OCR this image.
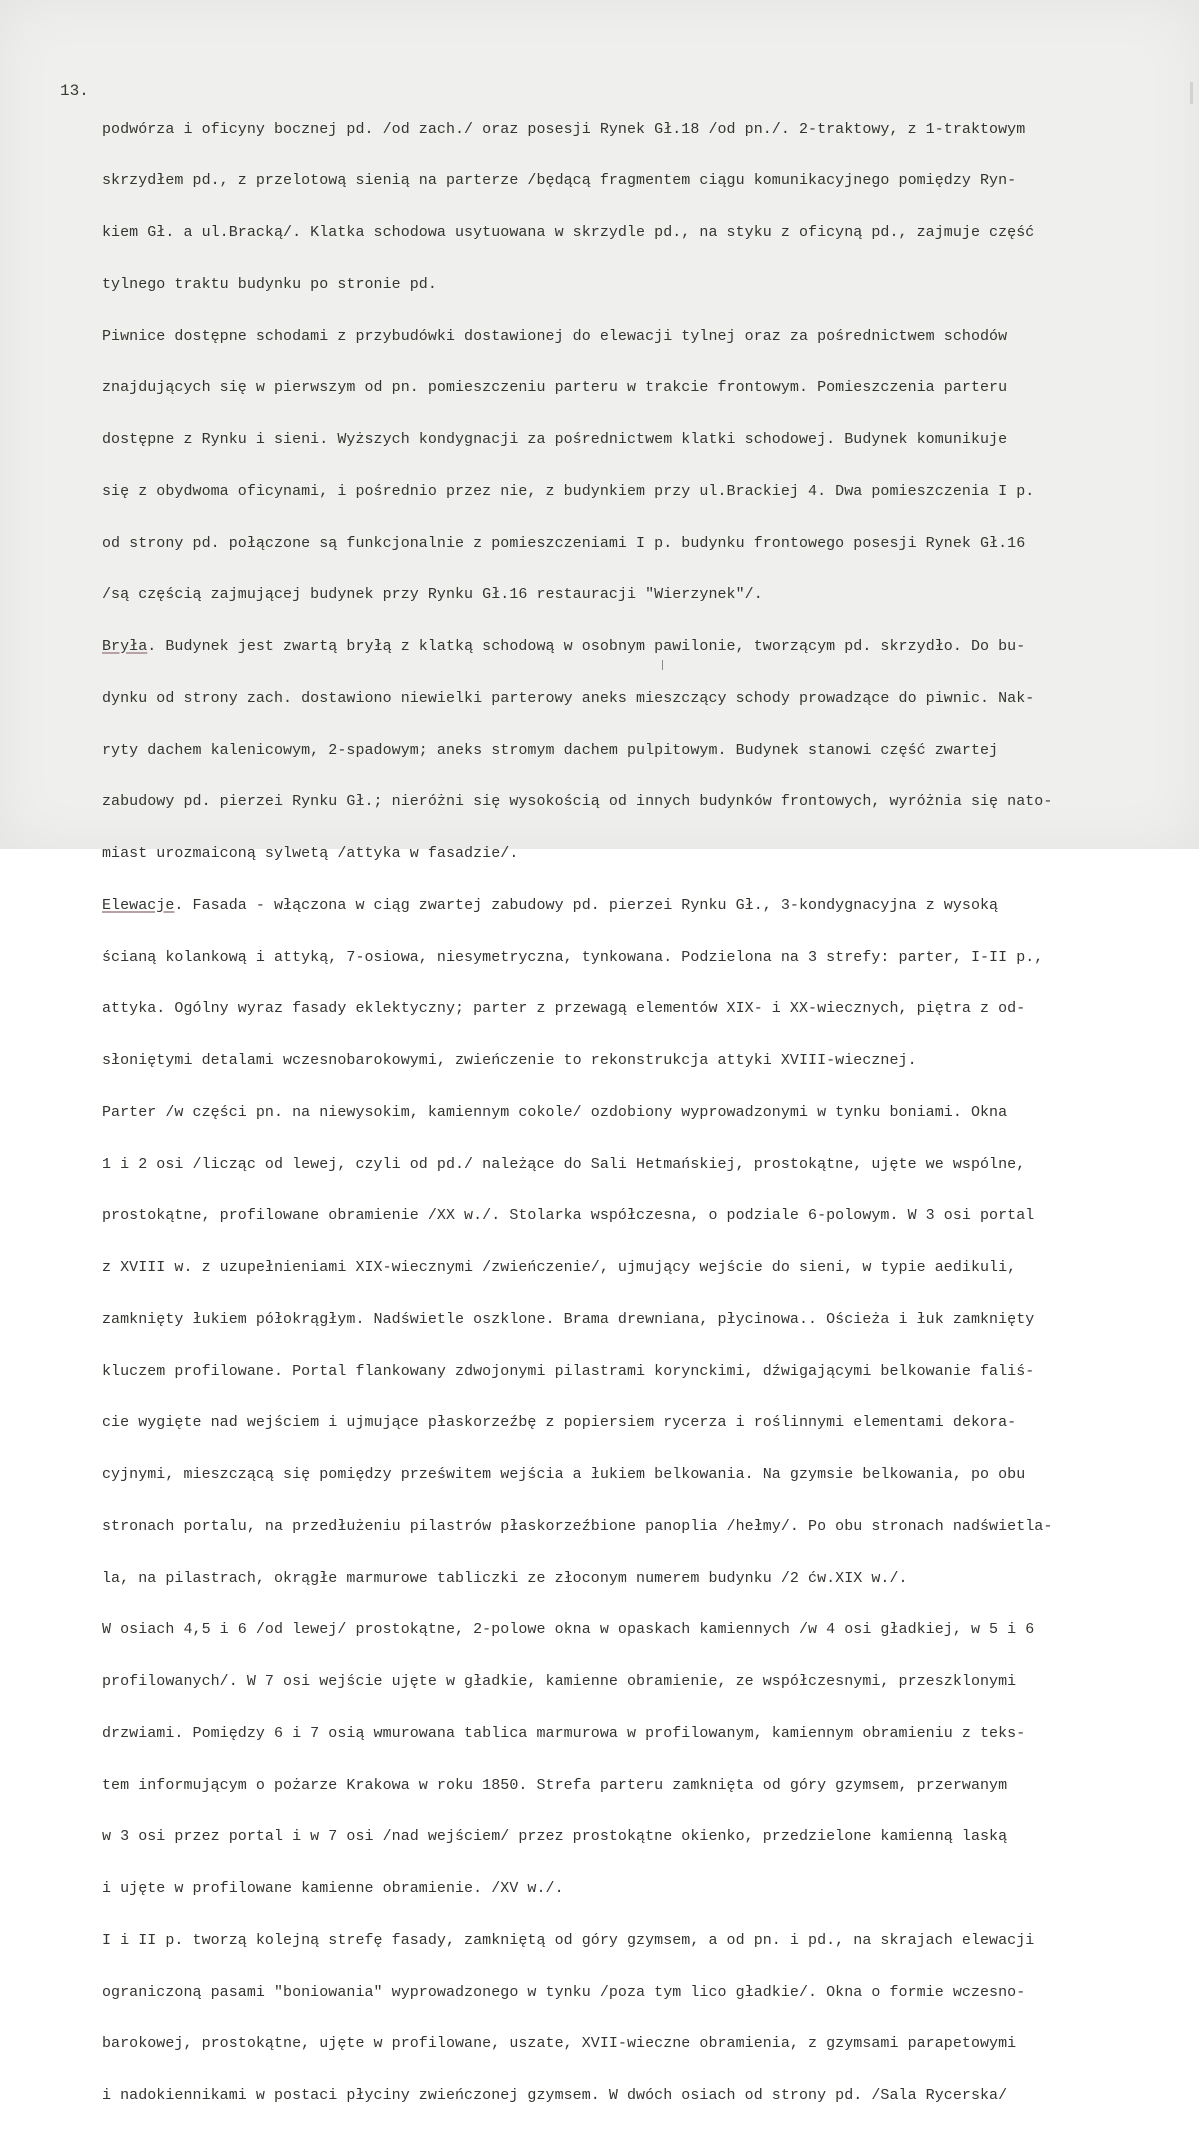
13.

podwórza i oficyny bocznej pd. /od zach./ oraz posesji Rynek Gł.18 /od pn./. 2-traktowy, z 1-traktowym

skrzydłem pd., z przelotową sienią na parterze /będącą fragmentem ciągu komunikacyjnego pomiędzy Ryn-

kiem Gł. a ul.Bracką/. Klatka schodowa usytuowana w skrzydle pd., na styku z oficyną pd., zajmuje część

tylnego traktu budynku po stronie pd.

Piwnice dostępne schodami z przybudówki dostawionej do elewacji tylnej oraz za pośrednictwem schodów

znajdujących się w pierwszym od pn. pomieszczeniu parteru w trakcie frontowym. Pomieszczenia parteru

dostępne z Rynku i sieni. Wyższych kondygnacji za pośrednictwem klatki schodowej. Budynek komunikuje

się z obydwoma oficynami, i pośrednio przez nie, z budynkiem przy ul.Brackiej 4. Dwa pomieszczenia I p.

od strony pd. połączone są funkcjonalnie z pomieszczeniami I p. budynku frontowego posesji Rynek Gł.16

/są częścią zajmującej budynek przy Rynku Gł.16 restauracji "Wierzynek"/.

Bryła. Budynek jest zwartą bryłą z klatką schodową w osobnym pawilonie, tworzącym pd. skrzydło. Do bu-

dynku od strony zach. dostawiono niewielki parterowy aneks mieszczący schody prowadzące do piwnic. Nak-

ryty dachem kalenicowym, 2-spadowym; aneks stromym dachem pulpitowym. Budynek stanowi część zwartej

zabudowy pd. pierzei Rynku Gł.; nieróżni się wysokością od innych budynków frontowych, wyróżnia się nato-

miast urozmaiconą sylwetą /attyka w fasadzie/.

Elewacje. Fasada - włączona w ciąg zwartej zabudowy pd. pierzei Rynku Gł., 3-kondygnacyjna z wysoką

ścianą kolankową i attyką, 7-osiowa, niesymetryczna, tynkowana. Podzielona na 3 strefy: parter, I-II p.,

attyka. Ogólny wyraz fasady eklektyczny; parter z przewagą elementów XIX- i XX-wiecznych, piętra z od-

słoniętymi detalami wczesnobarokowymi, zwieńczenie to rekonstrukcja attyki XVIII-wiecznej.

Parter /w części pn. na niewysokim, kamiennym cokole/ ozdobiony wyprowadzonymi w tynku boniami. Okna

1 i 2 osi /licząc od lewej, czyli od pd./ należące do Sali Hetmańskiej, prostokątne, ujęte we wspólne,

prostokątne, profilowane obramienie /XX w./. Stolarka współczesna, o podziale 6-polowym. W 3 osi portal

z XVIII w. z uzupełnieniami XIX-wiecznymi /zwieńczenie/, ujmujący wejście do sieni, w typie aedikuli,

zamknięty łukiem półokrągłym. Nadświetle oszklone. Brama drewniana, płycinowa.. Ościeża i łuk zamknięty

kluczem profilowane. Portal flankowany zdwojonymi pilastrami korynckimi, dźwigającymi belkowanie faliś-

cie wygięte nad wejściem i ujmujące płaskorzeźbę z popiersiem rycerza i roślinnymi elementami dekora-

cyjnymi, mieszczącą się pomiędzy prześwitem wejścia a łukiem belkowania. Na gzymsie belkowania, po obu

stronach portalu, na przedłużeniu pilastrów płaskorzeźbione panoplia /hełmy/. Po obu stronach nadświetla-

la, na pilastrach, okrągłe marmurowe tabliczki ze złoconym numerem budynku /2 ćw.XIX w./.

W osiach 4,5 i 6 /od lewej/ prostokątne, 2-polowe okna w opaskach kamiennych /w 4 osi gładkiej, w 5 i 6

profilowanych/. W 7 osi wejście ujęte w gładkie, kamienne obramienie, ze współczesnymi, przeszklonymi

drzwiami. Pomiędzy 6 i 7 osią wmurowana tablica marmurowa w profilowanym, kamiennym obramieniu z teks-

tem informującym o pożarze Krakowa w roku 1850. Strefa parteru zamknięta od góry gzymsem, przerwanym

w 3 osi przez portal i w 7 osi /nad wejściem/ przez prostokątne okienko, przedzielone kamienną laską

i ujęte w profilowane kamienne obramienie. /XV w./.

I i II p. tworzą kolejną strefę fasady, zamkniętą od góry gzymsem, a od pn. i pd., na skrajach elewacji

ograniczoną pasami "boniowania" wyprowadzonego w tynku /poza tym lico gładkie/. Okna o formie wczesno-

barokowej, prostokątne, ujęte w profilowane, uszate, XVII-wieczne obramienia, z gzymsami parapetowymi

i nadokiennikami w postaci płyciny zwieńczonej gzymsem. W dwóch osiach od strony pd. /Sala Rycerska/
